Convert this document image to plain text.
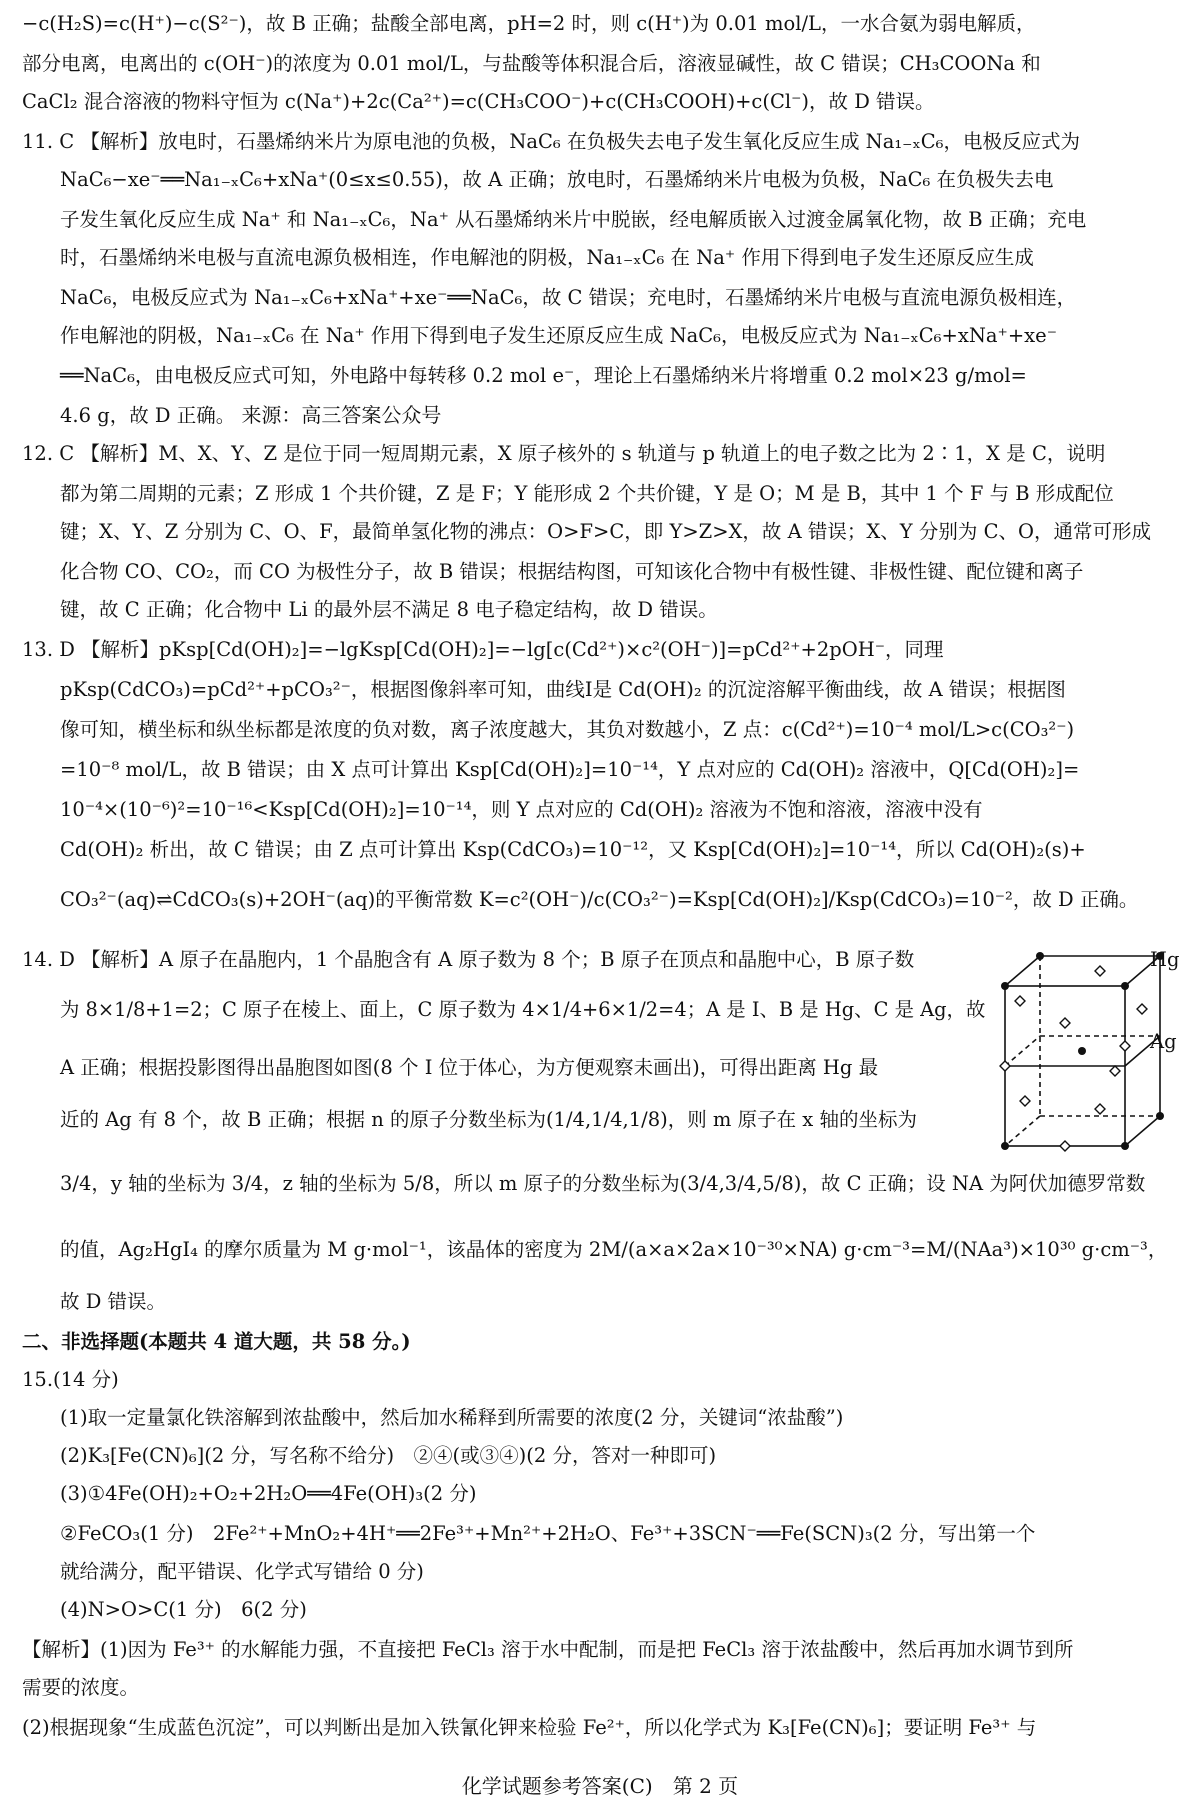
−c(H₂S)=c(H⁺)−c(S²⁻)，故 B 正确；盐酸全部电离，pH=2 时，则 c(H⁺)为 0.01 mol/L，一水合氨为弱电解质，
部分电离，电离出的 c(OH⁻)的浓度为 0.01 mol/L，与盐酸等体积混合后，溶液显碱性，故 C 错误；CH₃COONa 和
CaCl₂ 混合溶液的物料守恒为 c(Na⁺)+2c(Ca²⁺)=c(CH₃COO⁻)+c(CH₃COOH)+c(Cl⁻)，故 D 错误。
11. C 【解析】放电时，石墨烯纳米片为原电池的负极，NaC₆ 在负极失去电子发生氧化反应生成 Na₁₋ₓC₆，电极反应式为
NaC₆−xe⁻══Na₁₋ₓC₆+xNa⁺(0≤x≤0.55)，故 A 正确；放电时，石墨烯纳米片电极为负极，NaC₆ 在负极失去电
子发生氧化反应生成 Na⁺ 和 Na₁₋ₓC₆，Na⁺ 从石墨烯纳米片中脱嵌，经电解质嵌入过渡金属氧化物，故 B 正确；充电
时，石墨烯纳米电极与直流电源负极相连，作电解池的阴极，Na₁₋ₓC₆ 在 Na⁺ 作用下得到电子发生还原反应生成
NaC₆，电极反应式为 Na₁₋ₓC₆+xNa⁺+xe⁻══NaC₆，故 C 错误；充电时，石墨烯纳米片电极与直流电源负极相连，
作电解池的阴极，Na₁₋ₓC₆ 在 Na⁺ 作用下得到电子发生还原反应生成 NaC₆，电极反应式为 Na₁₋ₓC₆+xNa⁺+xe⁻
══NaC₆，由电极反应式可知，外电路中每转移 0.2 mol e⁻，理论上石墨烯纳米片将增重 0.2 mol×23 g/mol=
4.6 g，故 D 正确。 来源：高三答案公众号
12. C 【解析】M、X、Y、Z 是位于同一短周期元素，X 原子核外的 s 轨道与 p 轨道上的电子数之比为 2∶1，X 是 C，说明
都为第二周期的元素；Z 形成 1 个共价键，Z 是 F；Y 能形成 2 个共价键，Y 是 O；M 是 B，其中 1 个 F 与 B 形成配位
键；X、Y、Z 分别为 C、O、F，最简单氢化物的沸点：O>F>C，即 Y>Z>X，故 A 错误；X、Y 分别为 C、O，通常可形成
化合物 CO、CO₂，而 CO 为极性分子，故 B 错误；根据结构图，可知该化合物中有极性键、非极性键、配位键和离子
键，故 C 正确；化合物中 Li 的最外层不满足 8 电子稳定结构，故 D 错误。
13. D 【解析】pKsp[Cd(OH)₂]=−lgKsp[Cd(OH)₂]=−lg[c(Cd²⁺)×c²(OH⁻)]=pCd²⁺+2pOH⁻，同理
pKsp(CdCO₃)=pCd²⁺+pCO₃²⁻，根据图像斜率可知，曲线Ⅰ是 Cd(OH)₂ 的沉淀溶解平衡曲线，故 A 错误；根据图
像可知，横坐标和纵坐标都是浓度的负对数，离子浓度越大，其负对数越小，Z 点：c(Cd²⁺)=10⁻⁴ mol/L>c(CO₃²⁻)
=10⁻⁸ mol/L，故 B 错误；由 X 点可计算出 Ksp[Cd(OH)₂]=10⁻¹⁴，Y 点对应的 Cd(OH)₂ 溶液中，Q[Cd(OH)₂]=
10⁻⁴×(10⁻⁶)²=10⁻¹⁶<Ksp[Cd(OH)₂]=10⁻¹⁴，则 Y 点对应的 Cd(OH)₂ 溶液为不饱和溶液，溶液中没有
Cd(OH)₂ 析出，故 C 错误；由 Z 点可计算出 Ksp(CdCO₃)=10⁻¹²，又 Ksp[Cd(OH)₂]=10⁻¹⁴，所以 Cd(OH)₂(s)+
CO₃²⁻(aq)⇌CdCO₃(s)+2OH⁻(aq)的平衡常数 K=c²(OH⁻)/c(CO₃²⁻)=Ksp[Cd(OH)₂]/Ksp(CdCO₃)=10⁻²，故 D 正确。
14. D 【解析】A 原子在晶胞内，1 个晶胞含有 A 原子数为 8 个；B 原子在顶点和晶胞中心，B 原子数
为 8×1/8+1=2；C 原子在棱上、面上，C 原子数为 4×1/4+6×1/2=4；A 是 I、B 是 Hg、C 是 Ag，故
A 正确；根据投影图得出晶胞图如图(8 个 I 位于体心，为方便观察未画出)，可得出距离 Hg 最
近的 Ag 有 8 个，故 B 正确；根据 n 的原子分数坐标为(1/4,1/4,1/8)，则 m 原子在 x 轴的坐标为
3/4，y 轴的坐标为 3/4，z 轴的坐标为 5/8，所以 m 原子的分数坐标为(3/4,3/4,5/8)，故 C 正确；设 NA 为阿伏加德罗常数
的值，Ag₂HgI₄ 的摩尔质量为 M g·mol⁻¹，该晶体的密度为 2M/(a×a×2a×10⁻³⁰×NA) g·cm⁻³=M/(NAa³)×10³⁰ g·cm⁻³，
故 D 错误。
二、非选择题(本题共 4 道大题，共 58 分。)
15.(14 分)
(1)取一定量氯化铁溶解到浓盐酸中，然后加水稀释到所需要的浓度(2 分，关键词“浓盐酸”)
(2)K₃[Fe(CN)₆](2 分，写名称不给分)　②④(或③④)(2 分，答对一种即可)
(3)①4Fe(OH)₂+O₂+2H₂O══4Fe(OH)₃(2 分)
②FeCO₃(1 分)　2Fe²⁺+MnO₂+4H⁺══2Fe³⁺+Mn²⁺+2H₂O、Fe³⁺+3SCN⁻══Fe(SCN)₃(2 分，写出第一个
就给满分，配平错误、化学式写错给 0 分)
(4)N>O>C(1 分)　6(2 分)
【解析】(1)因为 Fe³⁺ 的水解能力强，不直接把 FeCl₃ 溶于水中配制，而是把 FeCl₃ 溶于浓盐酸中，然后再加水调节到所
需要的浓度。
(2)根据现象“生成蓝色沉淀”，可以判断出是加入铁氰化钾来检验 Fe²⁺，所以化学式为 K₃[Fe(CN)₆]；要证明 Fe³⁺ 与
Hg
Ag
化学试题参考答案(C)　第 2 页
